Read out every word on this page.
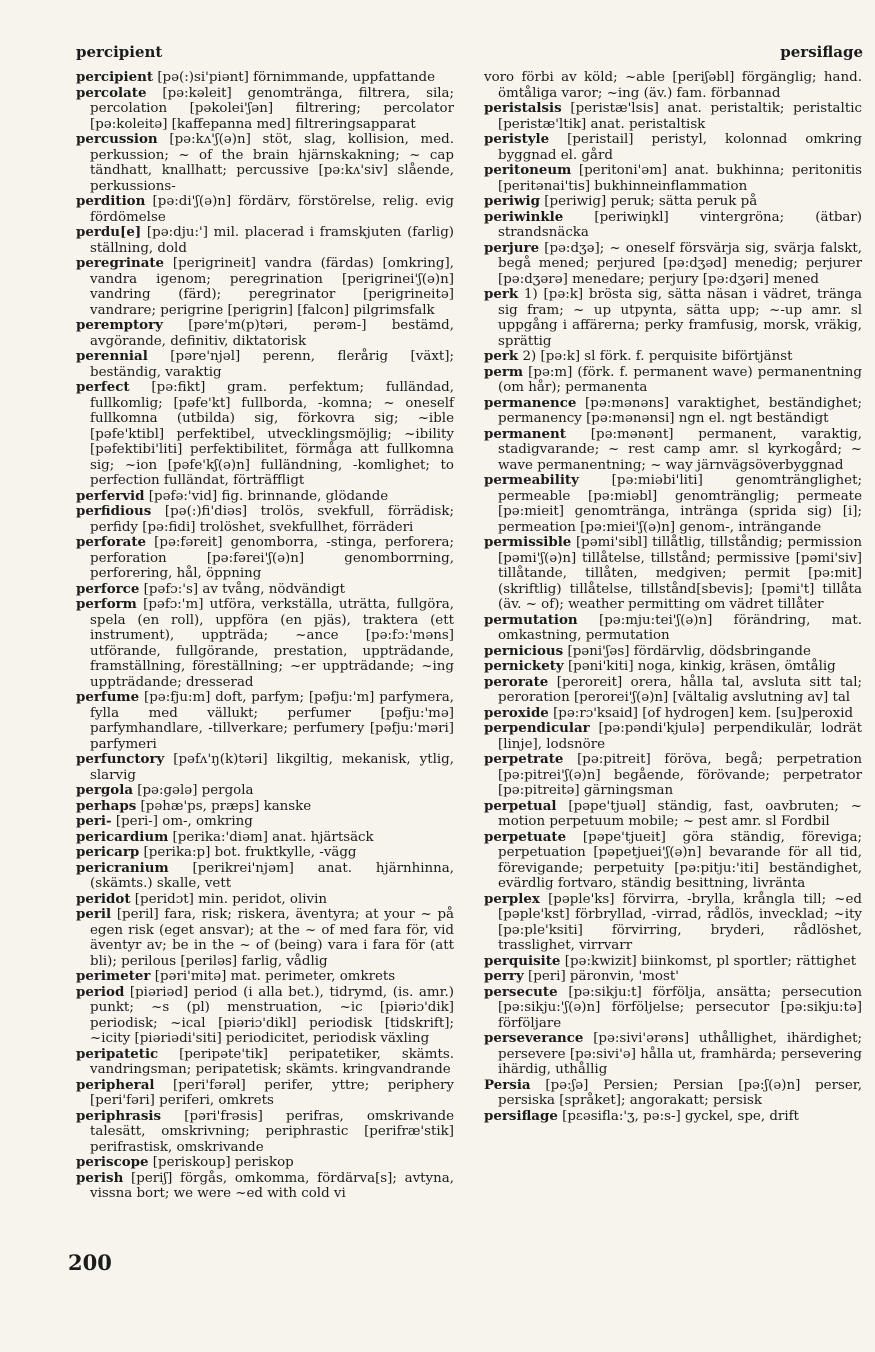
percipient	persiflage

percipient [pə(:)si'piənt] förnimmande, uppfattande

percolate [pə:kəleit] genomtränga, filtrera, sila; percolation [pəkolei'ʃən] filtrering; percolator [pə:koleitə] [kaffepanna med] filtreringsapparat

percussion [pə:kʌ'ʃ(ə)n] stöt, slag, kollision, med. perkussion; ~ of the brain hjärnskakning; ~ cap tändhatt, knallhatt; percussive [pə:kʌ'siv] slående, perkussions-

perdition [pə:di'ʃ(ə)n] fördärv, förstörelse, relig. evig fördömelse

perdu[e] [pə:dju:'] mil. placerad i framskjuten (farlig) ställning, dold

peregrinate [perigrineit] vandra (färdas) [omkring], vandra igenom; peregrination [perigrinei'ʃ(ə)n] vandring (färd); peregrinator [perigrineitə] vandrare; perigrine [perigrin] [falcon] pilgrimsfalk

peremptory [pəre'm(p)təri, perəm-] bestämd, avgörande, definitiv, diktatorisk

perennial [pəre'njəl] perenn, flerårig [växt]; beständig, varaktig

perfect [pə:fikt] gram. perfektum; fulländad, fullkomlig; [pəfe'kt] fullborda, -komna; ~ oneself fullkomna (utbilda) sig, förkovra sig; ~ible [pəfe'ktibl] perfektibel, utvecklingsmöjlig; ~ibility [pəfektibi'liti] perfektibilitet, förmåga att fullkomna sig; ~ion [pəfe'kʃ(ə)n] fulländning, -komlighet; to perfection fulländat, förträffligt

perfervid [pəfə:'vid] fig. brinnande, glödande

perfidious [pə(:)fi'diəs] trolös, svekfull, förrädisk; perfidy [pə:fidi] trolöshet, svekfullhet, förräderi

perforate [pə:fəreit] genomborra, -stinga, perforera; perforation [pə:fərei'ʃ(ə)n] genomborrning, perforering, hål, öppning

perforce [pəfɔ:'s] av tvång, nödvändigt

perform [pəfɔ:'m] utföra, verkställa, uträtta, fullgöra, spela (en roll), uppföra (en pjäs), traktera (ett instrument), uppträda; ~ance [pə:fɔ:'məns] utförande, fullgörande, prestation, uppträdande, framställning, föreställning; ~er uppträdande; ~ing uppträdande; dresserad

perfume [pə:fju:m] doft, parfym; [pəfju:'m] parfymera, fylla med vällukt; perfumer [pəfju:'mə] parfymhandlare, -tillverkare; perfumery [pəfju:'məri] parfymeri

perfunctory [pəfʌ'ŋ(k)təri] likgiltig, mekanisk, ytlig, slarvig

pergola [pə:gələ] pergola

perhaps [pəhæ'ps, præps] kanske

peri- [peri-] om-, omkring

pericardium [perika:'diəm] anat. hjärtsäck

pericarp [perika:p] bot. fruktkylle, -vägg

pericranium [perikrei'njəm] anat. hjärnhinna, (skämts.) skalle, vett

peridot [peridɔt] min. peridot, olivin

peril [peril] fara, risk; riskera, äventyra; at your ~ på egen risk (eget ansvar); at the ~ of med fara för, vid äventyr av; be in the ~ of (being) vara i fara för (att bli); perilous [periləs] farlig, vådlig

perimeter [pəri'mitə] mat. perimeter, omkrets

period [piəriəd] period (i alla bet.), tidrymd, (is. amr.) punkt; ~s (pl) menstruation, ~ic [piəriɔ'dik] periodisk; ~ical [piəriɔ'dikl] periodisk [tidskrift]; ~icity [piəriədi'siti] periodicitet, periodisk växling

peripatetic [peripəte'tik] peripatetiker, skämts. vandringsman; peripatetisk; skämts. kringvandrande

peripheral [peri'fərəl] perifer, yttre; periphery [peri'fəri] periferi, omkrets

periphrasis [pəri'frəsis] perifras, omskrivande talesätt, omskrivning; periphrastic [perifræ'stik] perifrastisk, omskrivande

periscope [periskoup] periskop

perish [periʃ] förgås, omkomma, fördärva[s]; avtyna, vissna bort; we were ~ed with cold vi

voro förbi av köld; ~able [periʃəbl] förgänglig; hand. ömtåliga varor; ~ing (äv.) fam. förbannad

peristalsis [peristæ'lsis] anat. peristaltik; peristaltic [peristæ'ltik] anat. peristaltisk

peristyle [peristail] peristyl, kolonnad omkring byggnad el. gård

peritoneum [peritoni'əm] anat. bukhinna; peritonitis [peritənai'tis] bukhinneinflammation

periwig [periwig] peruk; sätta peruk på

periwinkle [periwiŋkl] vintergröna; (ätbar) strandsnäcka

perjure [pə:dʒə]; ~ oneself försvärja sig, svärja falskt, begå mened; perjured [pə:dʒəd] menedig; perjurer [pə:dʒərə] menedare; perjury [pə:dʒəri] mened

perk 1) [pə:k] brösta sig, sätta näsan i vädret, tränga sig fram; ~ up utpynta, sätta upp; ~-up amr. sl uppgång i affärerna; perky framfusig, morsk, vräkig, sprättig

perk 2) [pə:k] sl förk. f. perquisite biförtjänst

perm [pə:m] (förk. f. permanent wave) permanentning (om hår); permanenta

permanence [pə:mənəns] varaktighet, beständighet; permanency [pə:mənənsi] ngn el. ngt beständigt

permanent [pə:mənənt] permanent, varaktig, stadigvarande; ~ rest camp amr. sl kyrkogård; ~ wave permanentning; ~ way järnvägsöverbyggnad

permeability [pə:miəbi'liti] genomtränglighet; permeable [pə:miəbl] genomtränglig; permeate [pə:mieit] genomtränga, intränga (sprida sig) [i]; permeation [pə:miei'ʃ(ə)n] genom-, inträngande

permissible [pəmi'sibl] tillåtlig, tillståndig; permission [pəmi'ʃ(ə)n] tillåtelse, tillstånd; permissive [pəmi'siv] tillåtande, tillåten, medgiven; permit [pə:mit] (skriftlig) tillåtelse, tillstånd[sbevis]; [pəmi't] tillåta (äv. ~ of); weather permitting om vädret tillåter

permutation [pə:mju:tei'ʃ(ə)n] förändring, mat. omkastning, permutation

pernicious [pəni'ʃəs] fördärvlig, dödsbringande

pernickety [pəni'kiti] noga, kinkig, kräsen, ömtålig

perorate [peroreit] orera, hålla tal, avsluta sitt tal; peroration [perorei'ʃ(ə)n] [vältalig avslutning av] tal

peroxide [pə:rɔ'ksaid] [of hydrogen] kem. [su]peroxid

perpendicular [pə:pəndi'kjulə] perpendikulär, lodrät [linje], lodsnöre

perpetrate [pə:pitreit] föröva, begå; perpetration [pə:pitrei'ʃ(ə)n] begående, förövande; perpetrator [pə:pitreitə] gärningsman

perpetual [pəpe'tjuəl] ständig, fast, oavbruten; ~ motion perpetuum mobile; ~ pest amr. sl Fordbil

perpetuate [pəpe'tjueit] göra ständig, föreviga; perpetuation [pəpetjuei'ʃ(ə)n] bevarande för all tid, förevigande; perpetuity [pə:pitju:'iti] beständighet, evärdlig fortvaro, ständig besittning, livränta

perplex [pəple'ks] förvirra, -brylla, krångla till; ~ed [pəple'kst] förbryllad, -virrad, rådlös, invecklad; ~ity [pə:ple'ksiti] förvirring, bryderi, rådlöshet, trasslighet, virrvarr

perquisite [pə:kwizit] biinkomst, pl sportler; rättighet

perry [peri] päronvin, 'most'

persecute [pə:sikju:t] förfölja, ansätta; persecution [pə:sikju:'ʃ(ə)n] förföljelse; persecutor [pə:sikju:tə] förföljare

perseverance [pə:sivi'ərəns] uthållighet, ihärdighet; persevere [pə:sivi'ə] hålla ut, framhärda; persevering ihärdig, uthållig

Persia [pə:ʃə] Persien; Persian [pə:ʃ(ə)n] perser, persiska [språket]; angorakatt; persisk

persiflage [pɛəsifla:'ʒ, pə:s-] gyckel, spe, drift

200
